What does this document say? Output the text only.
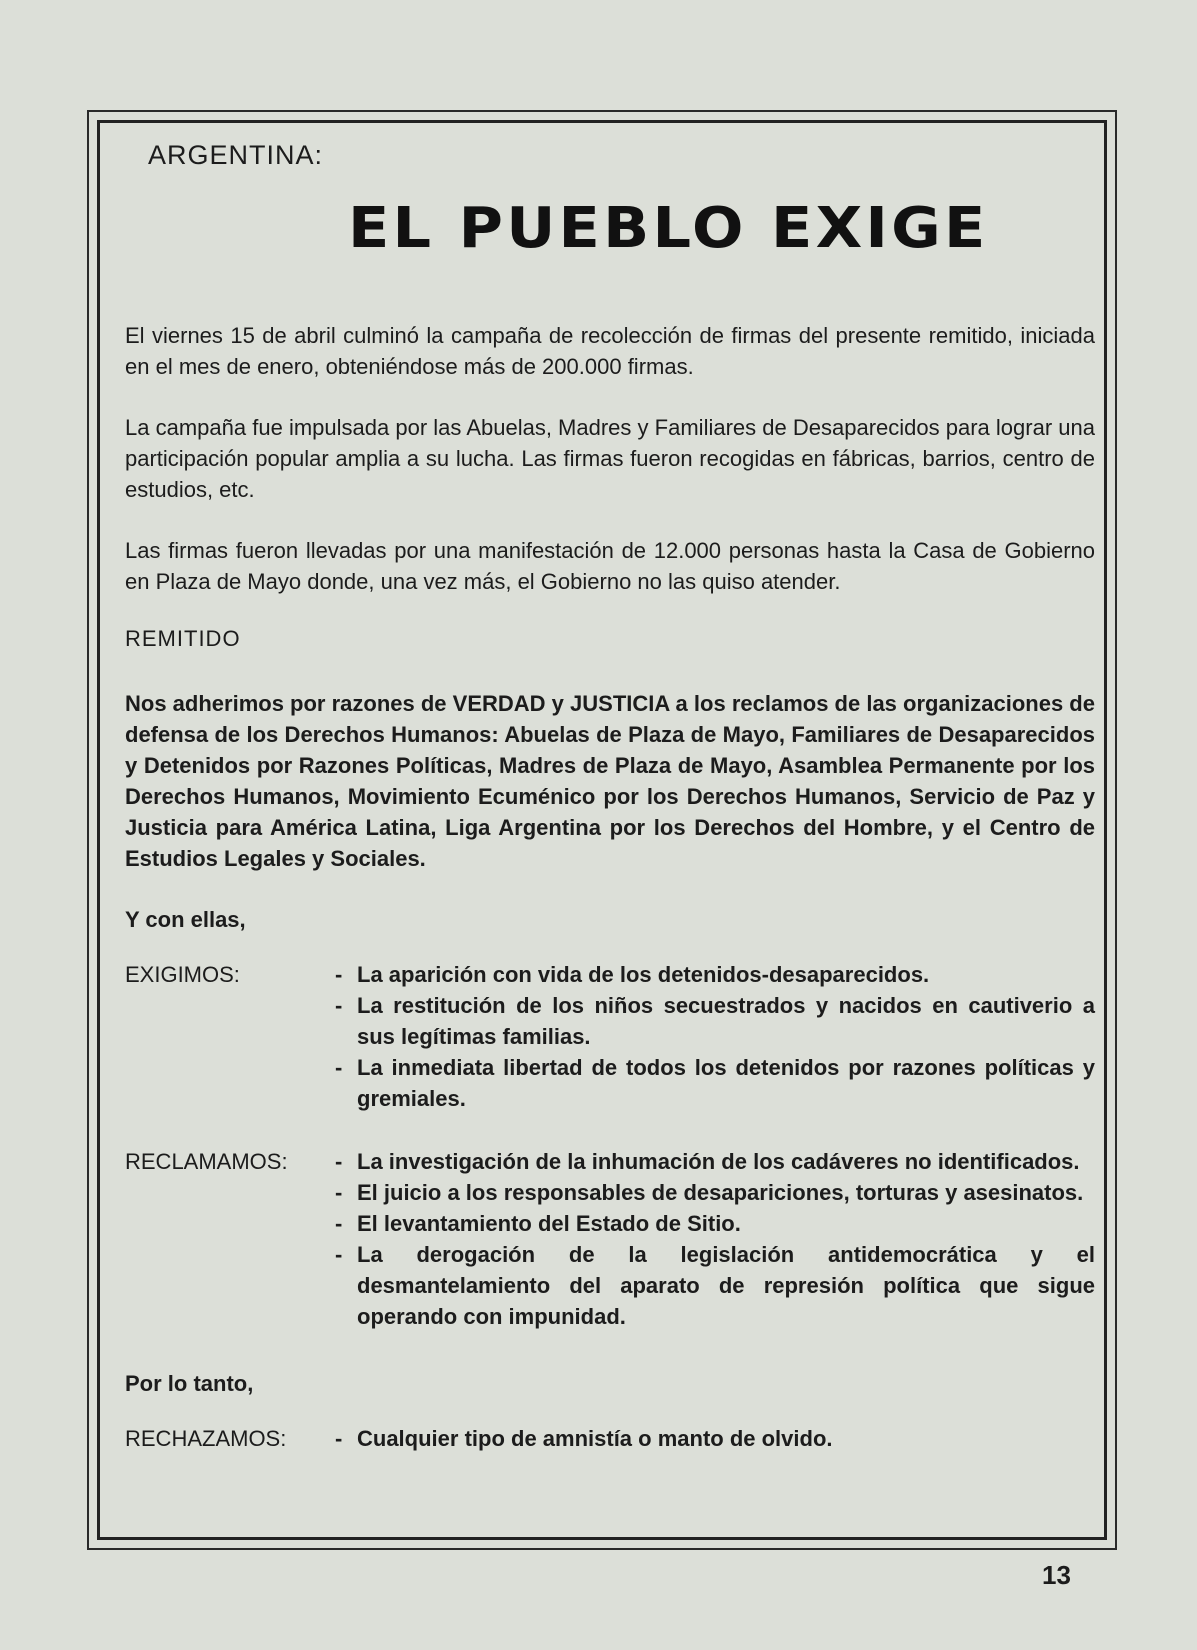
ARGENTINA:
EL PUEBLO EXIGE

El viernes 15 de abril culminó la campaña de recolección de firmas del presente remitido, iniciada en el mes de enero, obteniéndose más de 200.000 firmas.

La campaña fue impulsada por las Abuelas, Madres y Familiares de Desaparecidos para lograr una participación popular amplia a su lucha. Las firmas fueron recogidas en fábricas, barrios, centro de estudios, etc.

Las firmas fueron llevadas por una manifestación de 12.000 personas hasta la Casa de Gobierno en Plaza de Mayo donde, una vez más, el Gobierno no las quiso atender.

REMITIDO

Nos adherimos por razones de VERDAD y JUSTICIA a los reclamos de las organizaciones de defensa de los Derechos Humanos: Abuelas de Plaza de Mayo, Familiares de Desaparecidos y Detenidos por Razones Políticas, Madres de Plaza de Mayo, Asamblea Permanente por los Derechos Humanos, Movimiento Ecuménico por los Derechos Humanos, Servicio de Paz y Justicia para América Latina, Liga Argentina por los Derechos del Hombre, y el Centro de Estudios Legales y Sociales.

Y con ellas,

EXIGIMOS:	- La aparición con vida de los detenidos-desaparecidos.
- La restitución de los niños secuestrados y nacidos en cautiverio a sus legítimas familias.
- La inmediata libertad de todos los detenidos por razones políticas y gremiales.
RECLAMAMOS:	- La investigación de la inhumación de los cadáveres no identificados.
- El juicio a los responsables de desapariciones, torturas y asesinatos.
- El levantamiento del Estado de Sitio.
- La derogación de la legislación antidemocrática y el desmantelamiento del aparato de represión política que sigue operando con impunidad.

Por lo tanto,

RECHAZAMOS:	- Cualquier tipo de amnistía o manto de olvido.
13
